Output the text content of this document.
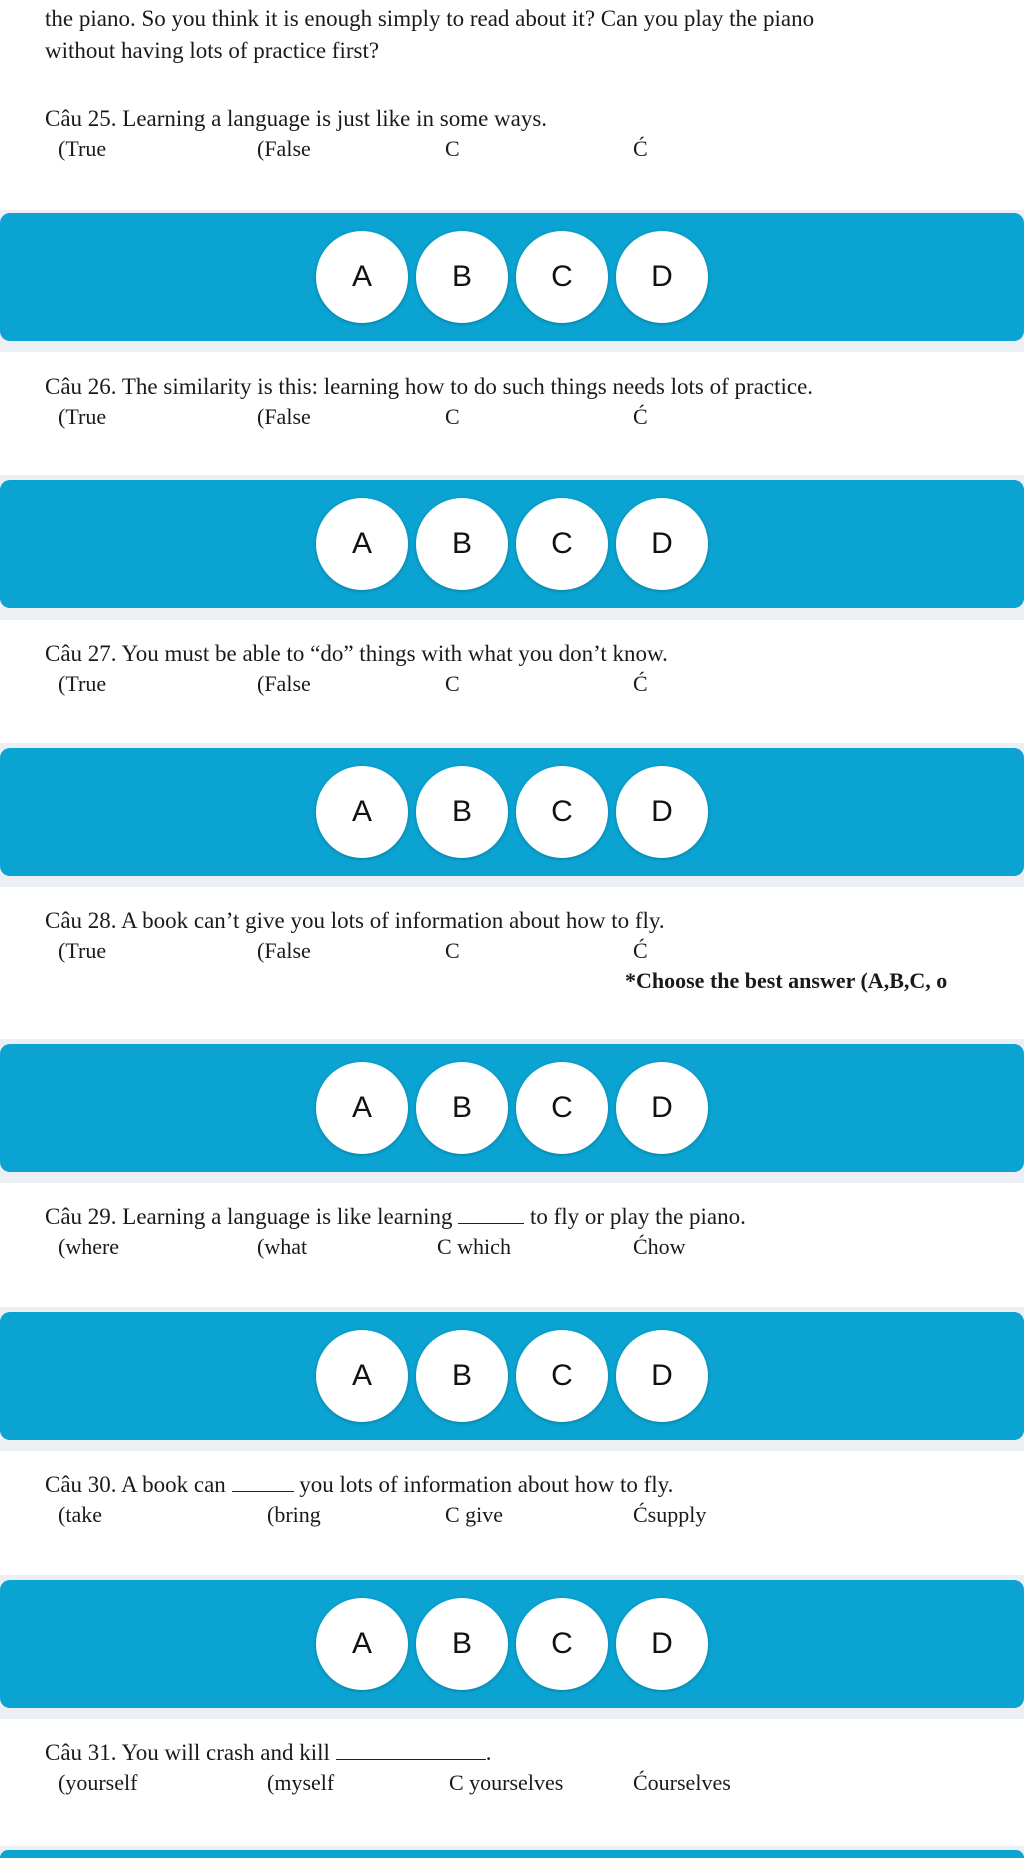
the piano. So you think it is enough simply to read about it? Can you play the piano
without having lots of practice first?
Câu 25. Learning a language is just like in some ways.
(True	(False	C	Ć
A	B	C	D
Câu 26. The similarity is this: learning how to do such things needs lots of practice.
(True	(False	C	Ć
A	B	C	D
Câu 27. You must be able to “do” things with what you don’t know.
(True	(False	C	Ć
A	B	C	D
Câu 28. A book can’t give you lots of information about how to fly.
(True	(False	C	Ć
*Choose the best answer (A,B,C, o
A	B	C	D
Câu 29. Learning a language is like learning	to fly or play the piano.
(where	(what	C which	Ćhow
A	B	C	D
Câu 30. A book can	you lots of information about how to fly.
(take	(bring	C give	Ćsupply
A	B	C	D
Câu 31. You will crash and kill	.
(yourself	(myself	C yourselves	Ćourselves
